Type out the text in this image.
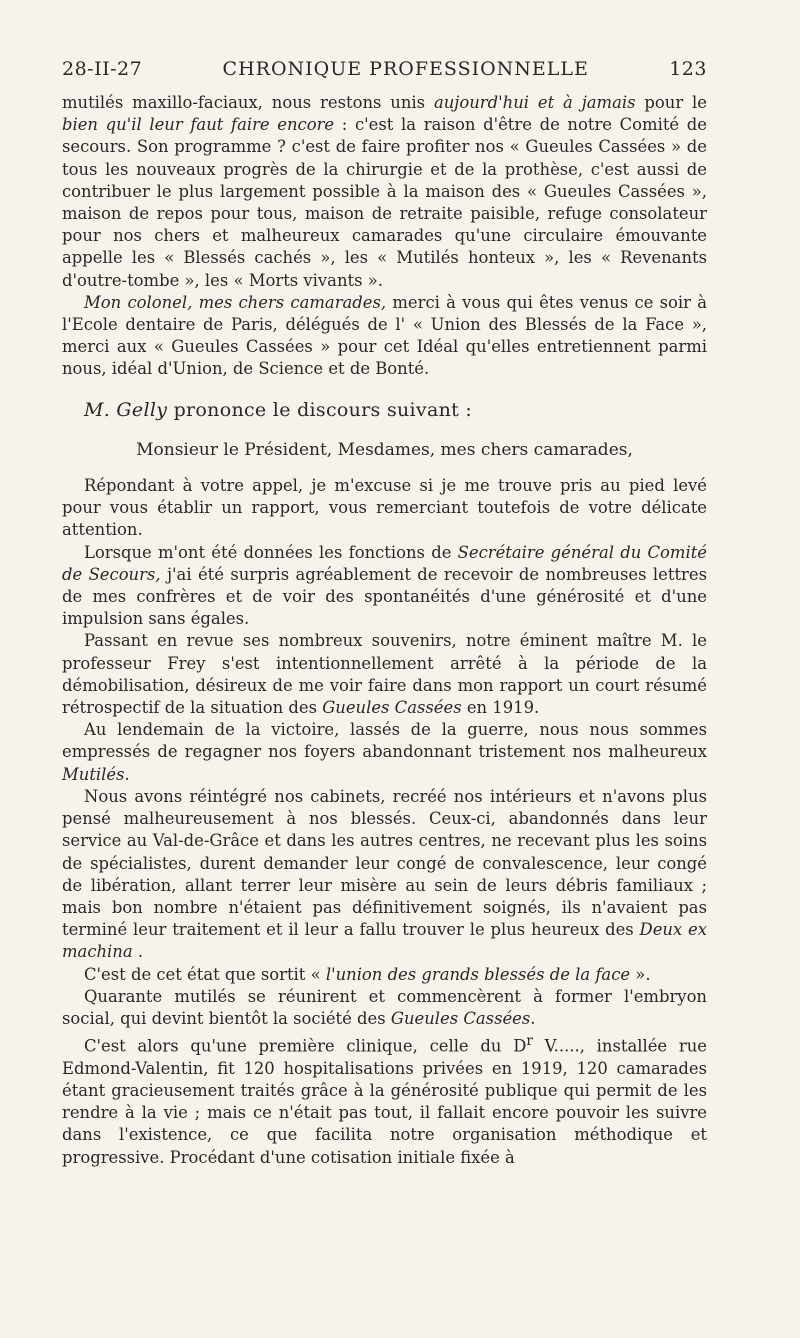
28-II-27	CHRONIQUE PROFESSIONNELLE	123

mutilés maxillo-faciaux, nous restons unis aujourd'hui et à jamais pour le bien qu'il leur faut faire encore : c'est la raison d'être de notre Comité de secours. Son programme ? c'est de faire profiter nos « Gueules Cassées » de tous les nouveaux progrès de la chirurgie et de la prothèse, c'est aussi de contribuer le plus largement possible à la maison des « Gueules Cassées », maison de repos pour tous, maison de retraite paisible, refuge consolateur pour nos chers et malheureux camarades qu'une circulaire émouvante appelle les « Blessés cachés », les « Mutilés honteux », les « Revenants d'outre-tombe », les « Morts vivants ».

Mon colonel, mes chers camarades, merci à vous qui êtes venus ce soir à l'Ecole dentaire de Paris, délégués de l' « Union des Blessés de la Face », merci aux « Gueules Cassées » pour cet Idéal qu'elles entretiennent parmi nous, idéal d'Union, de Science et de Bonté.

M. Gelly prononce le discours suivant :
Monsieur le Président, Mesdames, mes chers camarades,

Répondant à votre appel, je m'excuse si je me trouve pris au pied levé pour vous établir un rapport, vous remerciant toutefois de votre délicate attention.

Lorsque m'ont été données les fonctions de Secrétaire général du Comité de Secours, j'ai été surpris agréablement de recevoir de nombreuses lettres de mes confrères et de voir des spontanéités d'une générosité et d'une impulsion sans égales.

Passant en revue ses nombreux souvenirs, notre éminent maître M. le professeur Frey s'est intentionnellement arrêté à la période de la démobilisation, désireux de me voir faire dans mon rapport un court résumé rétrospectif de la situation des Gueules Cassées en 1919.

Au lendemain de la victoire, lassés de la guerre, nous nous sommes empressés de regagner nos foyers abandonnant tristement nos malheureux Mutilés.

Nous avons réintégré nos cabinets, recréé nos intérieurs et n'avons plus pensé malheureusement à nos blessés. Ceux-ci, abandonnés dans leur service au Val-de-Grâce et dans les autres centres, ne recevant plus les soins de spécialistes, durent demander leur congé de convalescence, leur congé de libération, allant terrer leur misère au sein de leurs débris familiaux ; mais bon nombre n'étaient pas définitivement soignés, ils n'avaient pas terminé leur traitement et il leur a fallu trouver le plus heureux des Deux ex machina .

C'est de cet état que sortit « l'union des grands blessés de la face ».

Quarante mutilés se réunirent et commencèrent à former l'embryon social, qui devint bientôt la société des Gueules Cassées.

C'est alors qu'une première clinique, celle du $D^r$ V....., installée rue Edmond-Valentin, fit 120 hospitalisations privées en 1919, 120 camarades étant gracieusement traités grâce à la générosité publique qui permit de les rendre à la vie ; mais ce n'était pas tout, il fallait encore pouvoir les suivre dans l'existence, ce que facilita notre organisation méthodique et progressive. Procédant d'une cotisation initiale fixée à
